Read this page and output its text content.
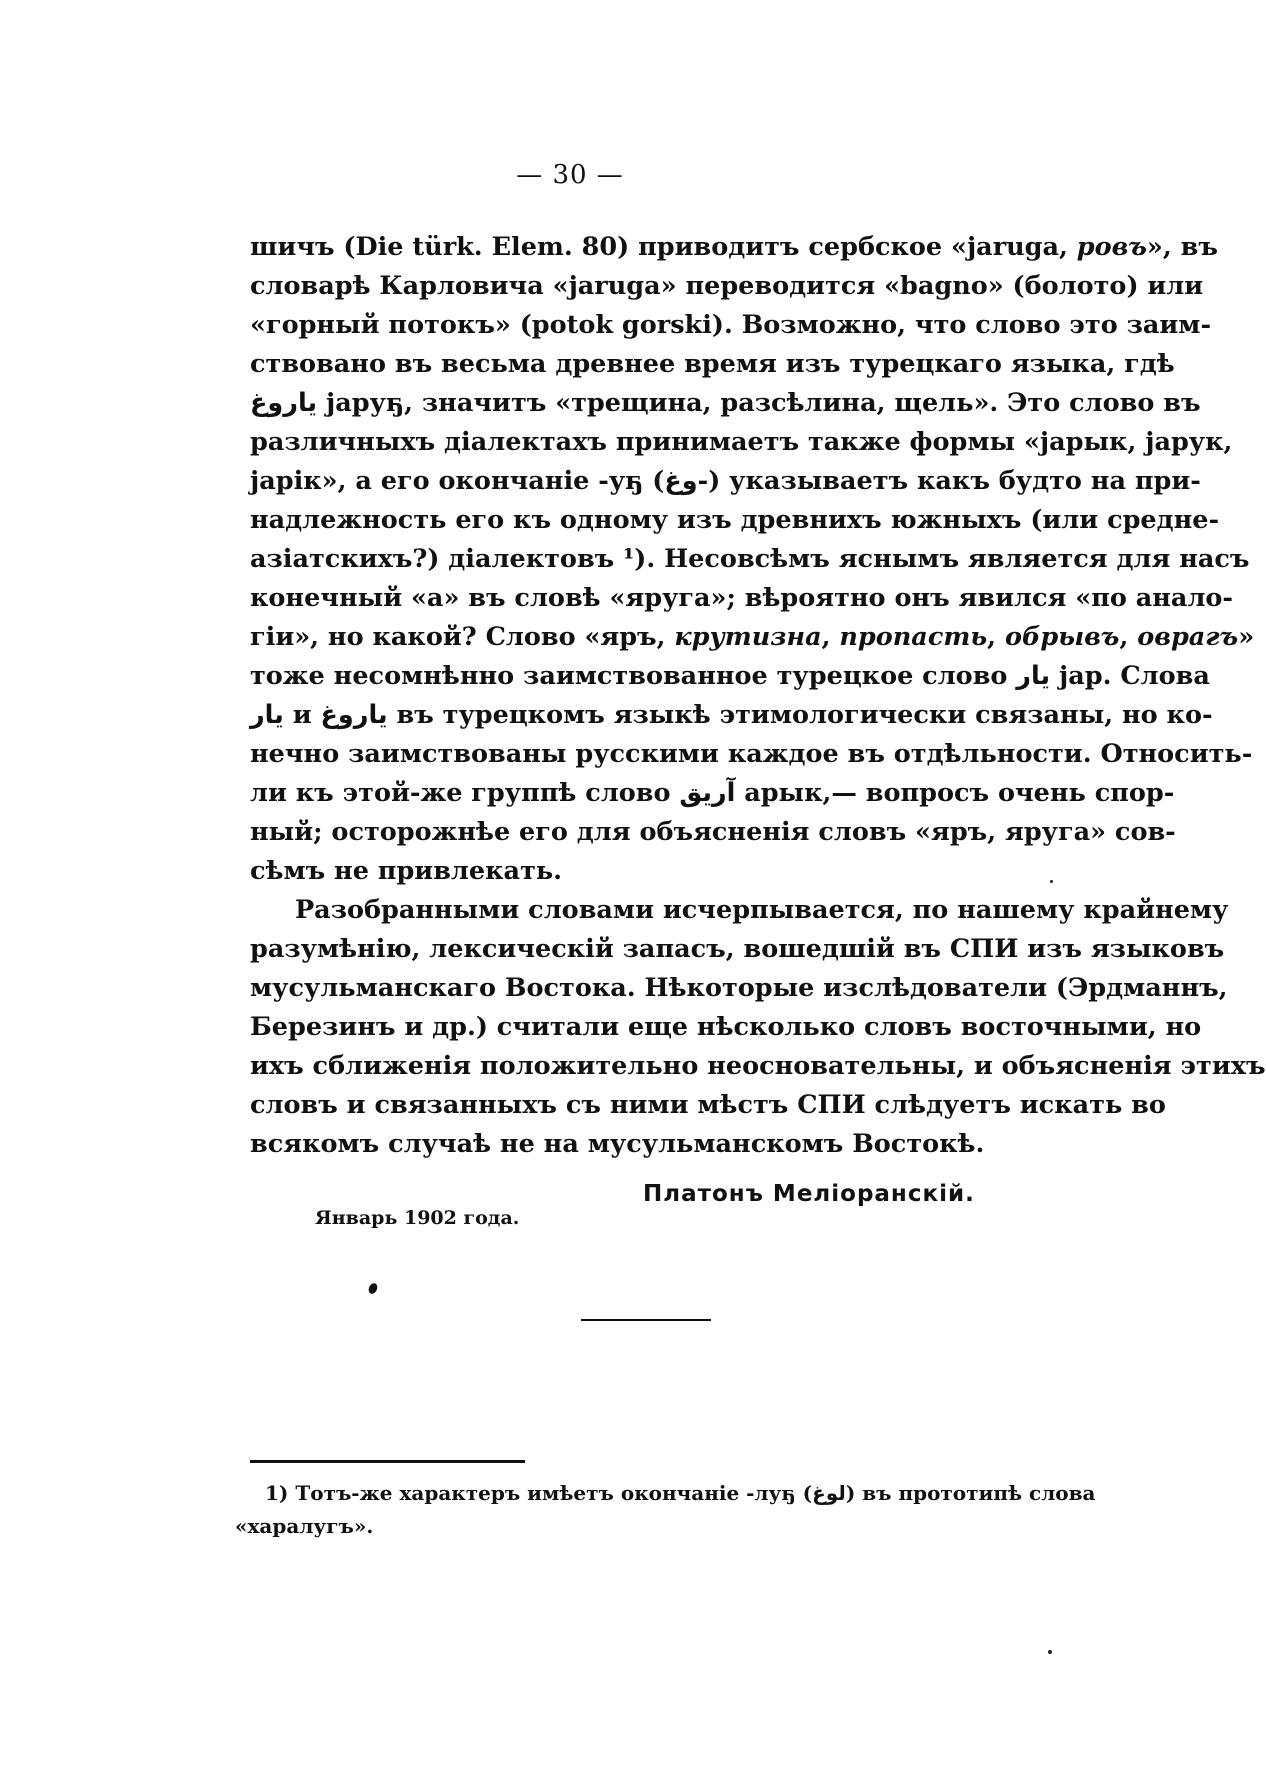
— 30 —
шичъ (Die türk. Elem. 80) приводитъ сербское «jaruga, ровъ», въ
словарѣ Карловича «jaruga» переводится «bagno» (болото) или
«горный потокъ» (potok gorski). Возможно, что слово это заим-
ствовано въ весьма древнее время изъ турецкаго языка, гдѣ
یاروغ jаруҕ, значитъ «трещина, разсѣлина, щель». Это слово въ
различныхъ діалектахъ принимаетъ также формы «jарык, jарук,
jарік», а его окончаніе -уҕ (وغ-) указываетъ какъ будто на при-
надлежность его къ одному изъ древнихъ южныхъ (или средне-
азіатскихъ?) діалектовъ ¹). Несовсѣмъ яснымъ является для насъ
конечный «а» въ словѣ «яруга»; вѣроятно онъ явился «по анало-
гіи», но какой? Слово «яръ, крутизна, пропасть, обрывъ, оврагъ»
тоже несомнѣнно заимствованное турецкое слово یار jар. Слова
یار и یاروغ въ турецкомъ языкѣ этимологически связаны, но ко-
нечно заимствованы русскими каждое въ отдѣльности. Относить-
ли къ этой-же группѣ слово آریق арык,— вопросъ очень спор-
ный; осторожнѣе его для объясненія словъ «яръ, яруга» сов-
сѣмъ не привлекать.
Разобранными словами исчерпывается, по нашему крайнему
разумѣнію, лексическій запасъ, вошедшій въ СПИ изъ языковъ
мусульманскаго Востока. Нѣкоторые изслѣдователи (Эрдманнъ,
Березинъ и др.) считали еще нѣсколько словъ восточными, но
ихъ сближенія положительно неосновательны, и объясненія этихъ
словъ и связанныхъ съ ними мѣстъ СПИ слѣдуетъ искать во
всякомъ случаѣ не на мусульманскомъ Востокѣ.
Платонъ Меліоранскій.
Январь 1902 года.
1) Тотъ-же характеръ имѣетъ окончаніе -луҕ (لوغ) въ прототипѣ слова
«харалугъ».
